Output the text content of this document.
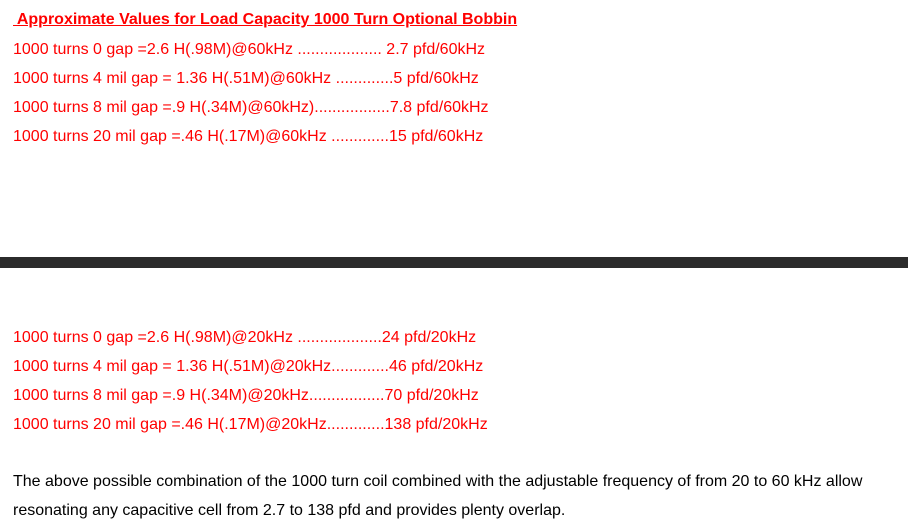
Approximate Values for Load Capacity 1000 Turn Optional Bobbin
1000 turns 0 gap =2.6 H(.98M)@60kHz ................... 2.7 pfd/60kHz
1000 turns 4 mil gap = 1.36 H(.51M)@60kHz .............5 pfd/60kHz
1000 turns 8 mil gap =.9 H(.34M)@60kHz).................7.8 pfd/60kHz
1000 turns 20 mil gap =.46 H(.17M)@60kHz .............15 pfd/60kHz
1000 turns 0 gap =2.6 H(.98M)@20kHz ...................24 pfd/20kHz
1000 turns 4 mil gap = 1.36 H(.51M)@20kHz.............46 pfd/20kHz
1000 turns 8 mil gap =.9 H(.34M)@20kHz.................70 pfd/20kHz
1000 turns 20 mil gap =.46 H(.17M)@20kHz.............138 pfd/20kHz
The above possible combination of the 1000 turn coil combined with the adjustable frequency of from 20 to 60 kHz allow
resonating any capacitive cell from 2.7 to 138 pfd and provides plenty overlap.
